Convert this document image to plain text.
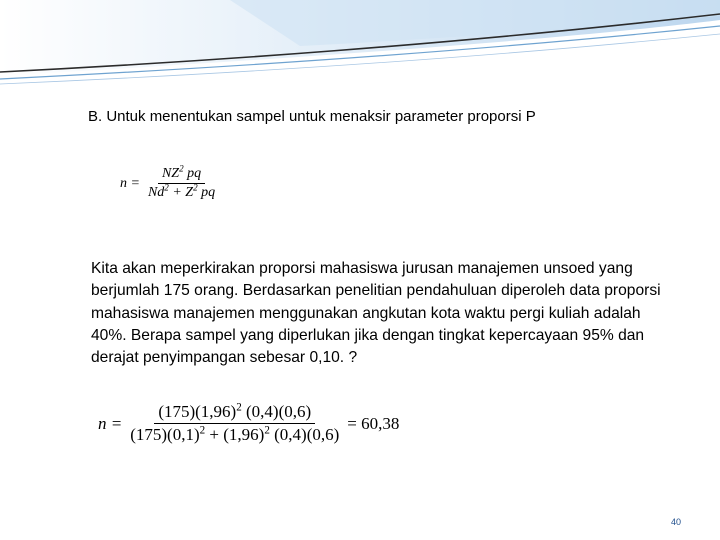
B. Untuk menentukan sampel untuk menaksir parameter proporsi P
n =	$\frac{NZ^2 pq}{Nd^2 + Z^2 pq}$
Kita akan meperkirakan proporsi mahasiswa jurusan manajemen unsoed yang berjumlah 175 orang. Berdasarkan penelitian pendahuluan diperoleh data proporsi mahasiswa manajemen menggunakan angkutan kota waktu pergi kuliah adalah 40%. Berapa sampel yang diperlukan jika dengan tingkat kepercayaan 95% dan derajat penyimpangan sebesar 0,10. ?
n =	$\frac{(175)(1,96)^2 (0,4)(0,6)}{(175)(0,1)^2 + (1,96)^2 (0,4)(0,6)}$	= 60,38
40
